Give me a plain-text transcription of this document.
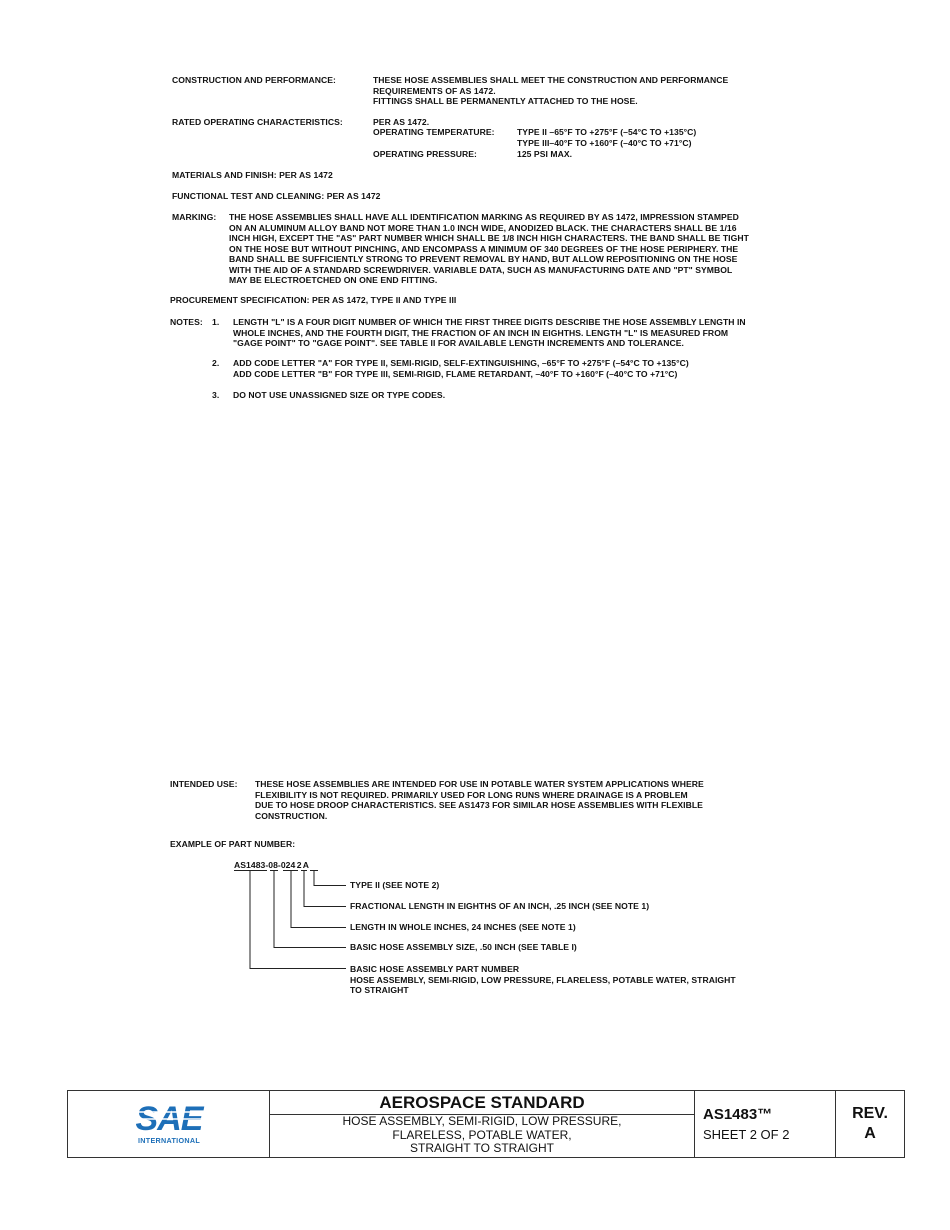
CONSTRUCTION AND PERFORMANCE:	THESE HOSE ASSEMBLIES SHALL MEET THE CONSTRUCTION AND PERFORMANCE
REQUIREMENTS OF AS 1472.
FITTINGS SHALL BE PERMANENTLY ATTACHED TO THE HOSE.
RATED OPERATING CHARACTERISTICS:	PER AS 1472.
OPERATING TEMPERATURE:	TYPE II –65°F TO +275°F (–54°C TO +135°C)
TYPE III–40°F TO +160°F (–40°C TO +71°C)
OPERATING PRESSURE:	125 PSI MAX.
MATERIALS AND FINISH: PER AS 1472
FUNCTIONAL TEST AND CLEANING: PER AS 1472
MARKING: THE HOSE ASSEMBLIES SHALL HAVE ALL IDENTIFICATION MARKING AS REQUIRED BY AS 1472, IMPRESSION STAMPED
ON AN ALUMINUM ALLOY BAND NOT MORE THAN 1.0 INCH WIDE, ANODIZED BLACK. THE CHARACTERS SHALL BE 1/16
INCH HIGH, EXCEPT THE "AS" PART NUMBER WHICH SHALL BE 1/8 INCH HIGH CHARACTERS. THE BAND SHALL BE TIGHT
ON THE HOSE BUT WITHOUT PINCHING, AND ENCOMPASS A MINIMUM OF 340 DEGREES OF THE HOSE PERIPHERY. THE
BAND SHALL BE SUFFICIENTLY STRONG TO PREVENT REMOVAL BY HAND, BUT ALLOW REPOSITIONING ON THE HOSE
WITH THE AID OF A STANDARD SCREWDRIVER. VARIABLE DATA, SUCH AS MANUFACTURING DATE AND "PT" SYMBOL
MAY BE ELECTROETCHED ON ONE END FITTING.
PROCUREMENT SPECIFICATION: PER AS 1472, TYPE II AND TYPE III
NOTES: 1. LENGTH "L" IS A FOUR DIGIT NUMBER OF WHICH THE FIRST THREE DIGITS DESCRIBE THE HOSE ASSEMBLY LENGTH IN
WHOLE INCHES, AND THE FOURTH DIGIT, THE FRACTION OF AN INCH IN EIGHTHS. LENGTH "L" IS MEASURED FROM
"GAGE POINT" TO "GAGE POINT". SEE TABLE II FOR AVAILABLE LENGTH INCREMENTS AND TOLERANCE.
2. ADD CODE LETTER "A" FOR TYPE II, SEMI-RIGID, SELF-EXTINGUISHING, –65°F TO +275°F (–54°C TO +135°C)
ADD CODE LETTER "B" FOR TYPE III, SEMI-RIGID, FLAME RETARDANT, –40°F TO +160°F (–40°C TO +71°C)
3. DO NOT USE UNASSIGNED SIZE OR TYPE CODES.
INTENDED USE: THESE HOSE ASSEMBLIES ARE INTENDED FOR USE IN POTABLE WATER SYSTEM APPLICATIONS WHERE
FLEXIBILITY IS NOT REQUIRED. PRIMARILY USED FOR LONG RUNS WHERE DRAINAGE IS A PROBLEM
DUE TO HOSE DROOP CHARACTERISTICS. SEE AS1473 FOR SIMILAR HOSE ASSEMBLIES WITH FLEXIBLE
CONSTRUCTION.
EXAMPLE OF PART NUMBER:
AS1483-08-024 2 A
TYPE II (SEE NOTE 2)
FRACTIONAL LENGTH IN EIGHTHS OF AN INCH, .25 INCH (SEE NOTE 1)
LENGTH IN WHOLE INCHES, 24 INCHES (SEE NOTE 1)
BASIC HOSE ASSEMBLY SIZE, .50 INCH (SEE TABLE I)
BASIC HOSE ASSEMBLY PART NUMBER
HOSE ASSEMBLY, SEMI-RIGID, LOW PRESSURE, FLARELESS, POTABLE WATER, STRAIGHT
TO STRAIGHT
SAE
INTERNATIONAL
AEROSPACE STANDARD
HOSE ASSEMBLY, SEMI-RIGID, LOW PRESSURE,
FLARELESS, POTABLE WATER,
STRAIGHT TO STRAIGHT
AS1483™
SHEET 2 OF 2
REV.
A
